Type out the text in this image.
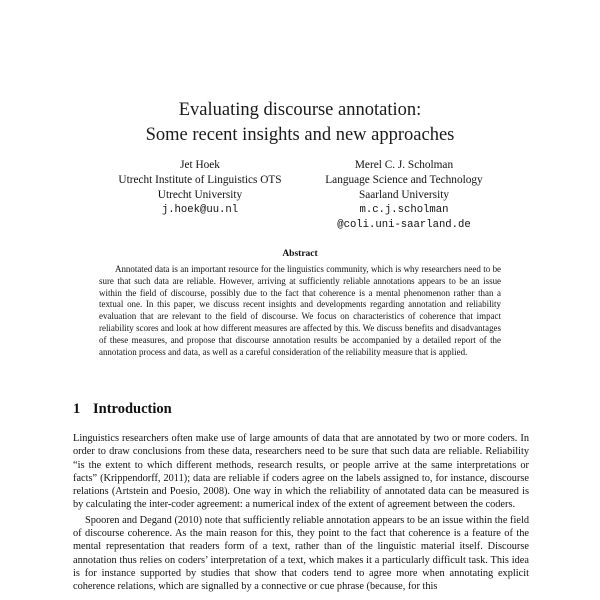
Evaluating discourse annotation:
Some recent insights and new approaches
Jet Hoek
Utrecht Institute of Linguistics OTS
Utrecht University
j.hoek@uu.nl
Merel C. J. Scholman
Language Science and Technology
Saarland University
m.c.j.scholman
@coli.uni-saarland.de
Abstract
Annotated data is an important resource for the linguistics community, which is why researchers need to be sure that such data are reliable. However, arriving at sufficiently reliable annotations appears to be an issue within the field of discourse, possibly due to the fact that coherence is a mental phenomenon rather than a textual one. In this paper, we discuss recent insights and developments regarding annotation and reliability evaluation that are relevant to the field of discourse. We focus on characteristics of coherence that impact reliability scores and look at how different measures are affected by this. We discuss benefits and disadvantages of these measures, and propose that discourse annotation results be accompanied by a detailed report of the annotation process and data, as well as a careful consideration of the reliability measure that is applied.
1 Introduction

Linguistics researchers often make use of large amounts of data that are annotated by two or more coders. In order to draw conclusions from these data, researchers need to be sure that such data are reliable. Reliability “is the extent to which different methods, research results, or people arrive at the same interpretations or facts” (Krippendorff, 2011); data are reliable if coders agree on the labels assigned to, for instance, discourse relations (Artstein and Poesio, 2008). One way in which the reliability of annotated data can be measured is by calculating the inter-coder agreement: a numerical index of the extent of agreement between the coders.

Spooren and Degand (2010) note that sufficiently reliable annotation appears to be an issue within the field of discourse coherence. As the main reason for this, they point to the fact that coherence is a feature of the mental representation that readers form of a text, rather than of the linguistic material itself. Discourse annotation thus relies on coders’ interpretation of a text, which makes it a particularly difficult task. This idea is for instance supported by studies that show that coders tend to agree more when annotating explicit coherence relations, which are signalled by a connective or cue phrase (because, for this
